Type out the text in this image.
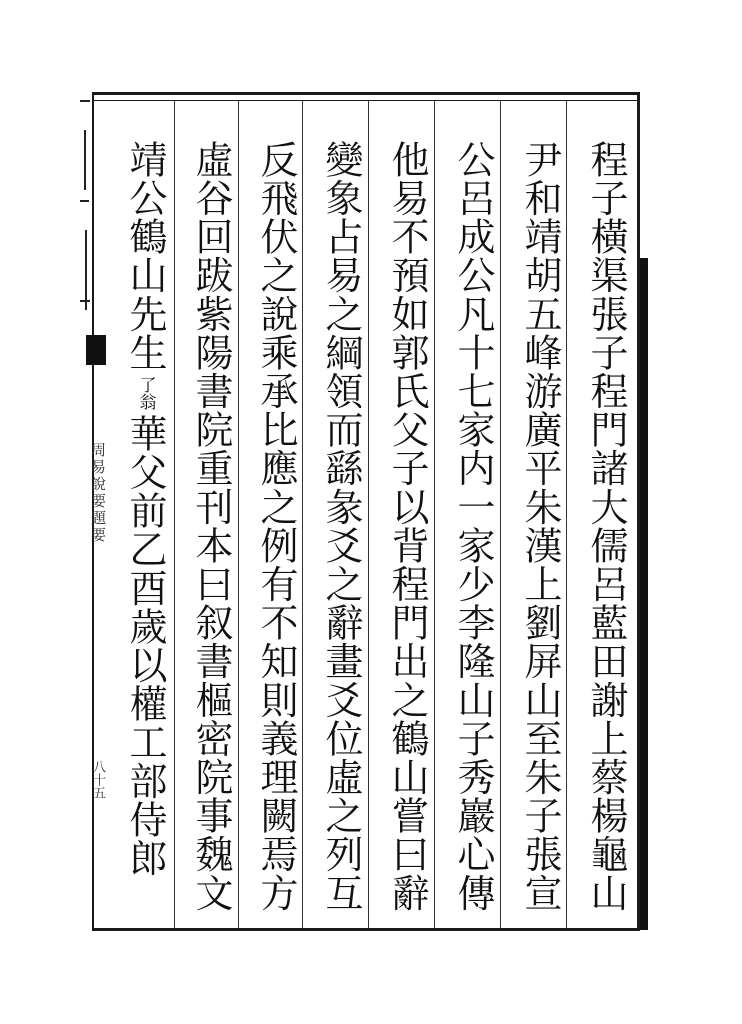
周易說要題要
八十五	程子橫渠張子程門諸大儒呂藍田謝上蔡楊龜山
尹和靖胡五峰游廣平朱漢上劉屏山至朱子張宣
公呂成公凡十七家内一家少李隆山子秀巖心傳
他易不預如郭氏父子以背程門出之鶴山嘗曰辭
變象占易之綱領而繇彖爻之辭畫爻位虛之列互
反飛伏之說乘承比應之例有不知則義理闕焉方
虛谷回跋紫陽書院重刊本曰叙書樞密院事魏文
靖公鶴山先生
了翁
華父前乙酉歲以權工部侍郎
